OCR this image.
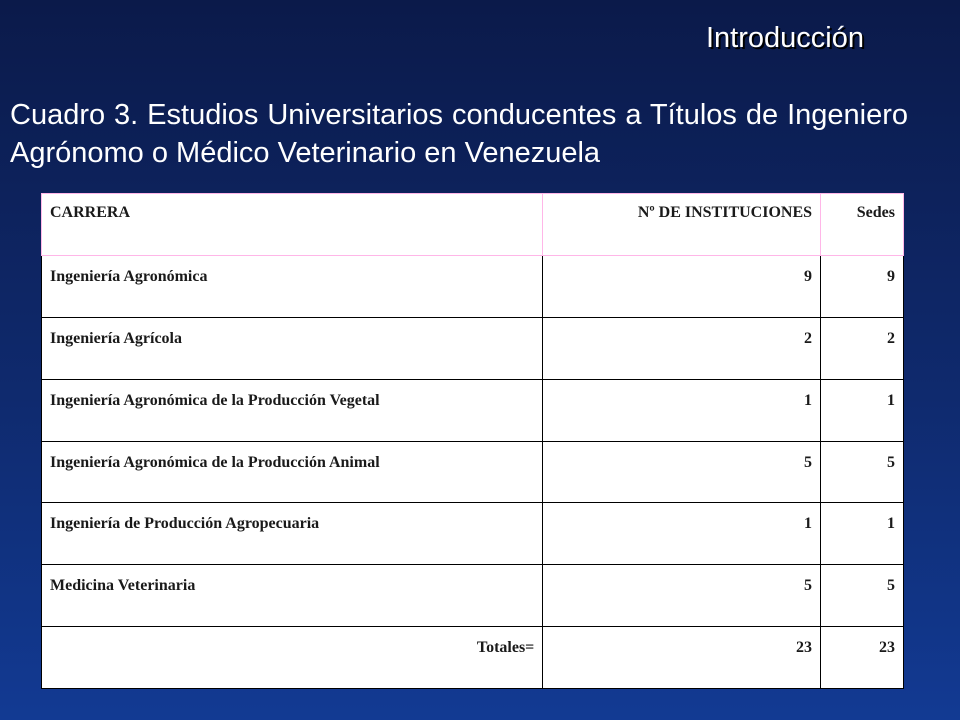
Introducción
Cuadro 3. Estudios Universitarios conducentes a Títulos de Ingeniero Agrónomo o Médico Veterinario en Venezuela
CARRERA	Nº DE INSTITUCIONES	Sedes
Ingeniería Agronómica	9	9
Ingeniería Agrícola	2	2
Ingeniería Agronómica de la Producción Vegetal	1	1
Ingeniería Agronómica de la Producción Animal	5	5
Ingeniería de Producción Agropecuaria	1	1
Medicina Veterinaria	5	5
Totales=	23	23
